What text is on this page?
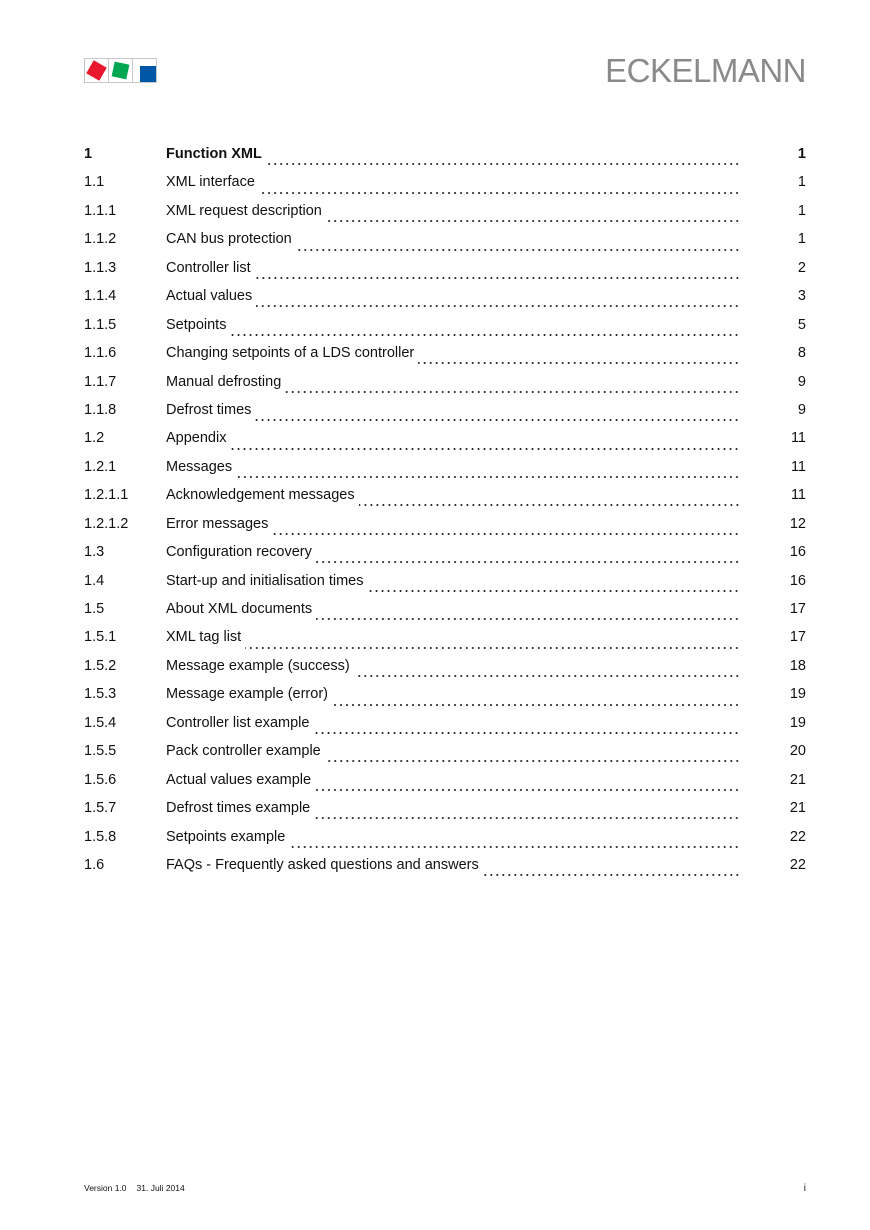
ECKELMANN
1	Function XML	1
1.1	XML interface	1
1.1.1	XML request description	1
1.1.2	CAN bus protection	1
1.1.3	Controller list	2
1.1.4	Actual values	3
1.1.5	Setpoints	5
1.1.6	Changing setpoints of a LDS controller	8
1.1.7	Manual defrosting	9
1.1.8	Defrost times	9
1.2	Appendix	11
1.2.1	Messages	11
1.2.1.1	Acknowledgement messages	11
1.2.1.2	Error messages	12
1.3	Configuration recovery	16
1.4	Start-up and initialisation times	16
1.5	About XML documents	17
1.5.1	XML tag list	17
1.5.2	Message example (success)	18
1.5.3	Message example (error)	19
1.5.4	Controller list example	19
1.5.5	Pack controller example	20
1.5.6	Actual values example	21
1.5.7	Defrost times example	21
1.5.8	Setpoints example	22
1.6	FAQs - Frequently asked questions and answers	22
Version 1.0 31. Juli 2014	i
